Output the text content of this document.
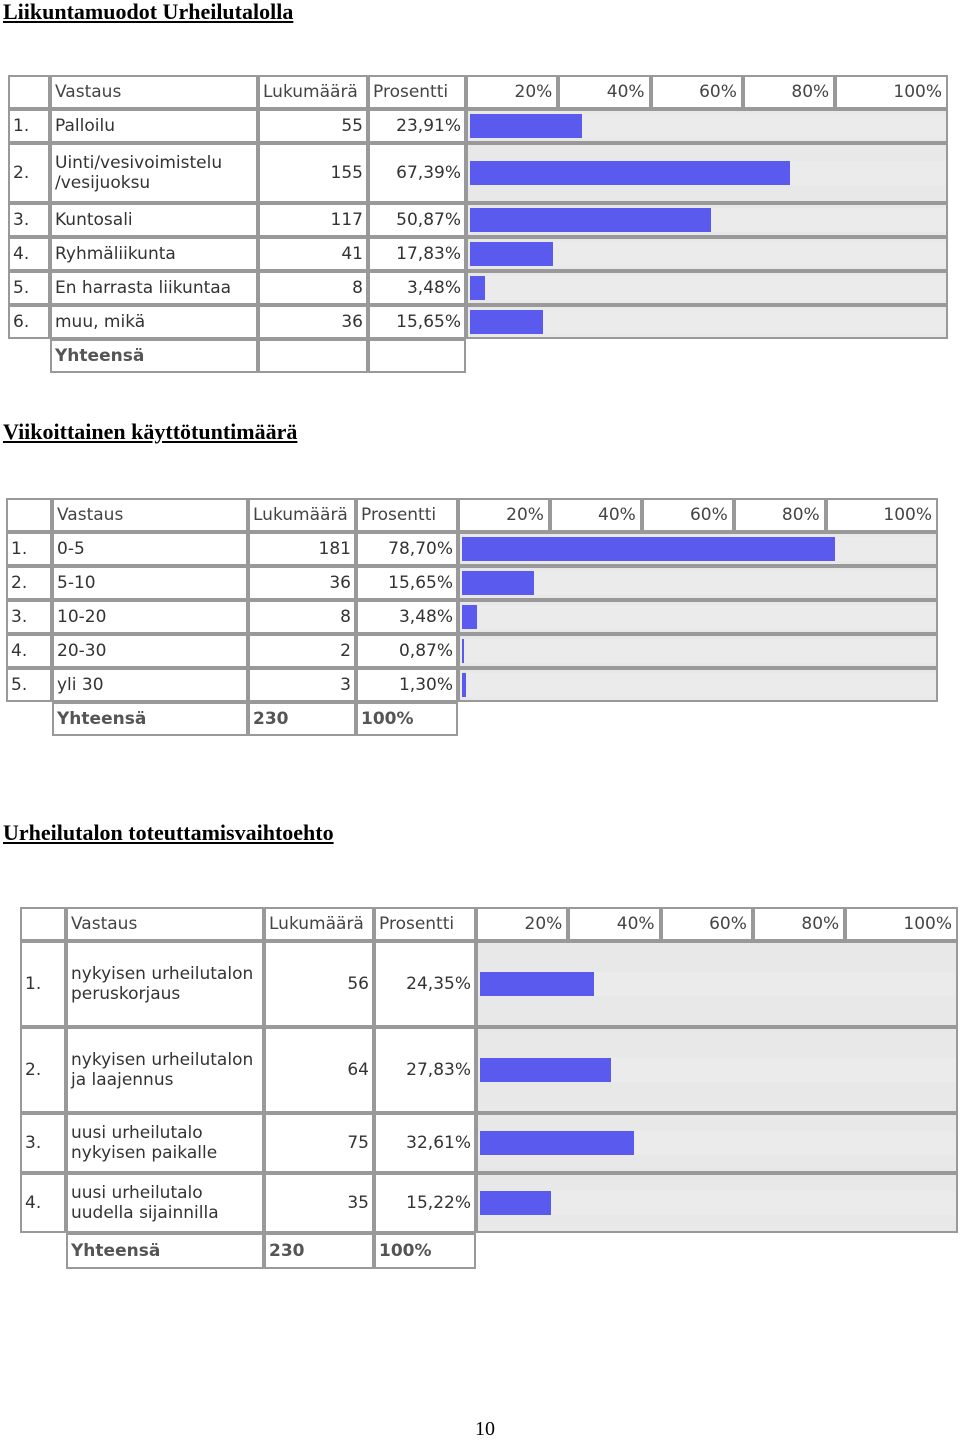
Liikuntamuodot Urheilutalolla
	Vastaus	Lukumäärä	Prosentti	20%	40%	60%	80%	100%
1.	Palloilu	55	23,91%					

2.	Uinti/vesivoimistelu /vesijuoksu	155	67,39%					

3.	Kuntosali	117	50,87%					

4.	Ryhmäliikunta	41	17,83%					

5.	En harrasta liikuntaa	8	3,48%					

6.	muu, mikä	36	15,65%					

	Yhteensä							
Viikoittainen käyttötuntimäärä
	Vastaus	Lukumäärä	Prosentti	20%	40%	60%	80%	100%
1.	0-5	181	78,70%					

2.	5-10	36	15,65%					

3.	10-20	8	3,48%					

4.	20-30	2	0,87%					

5.	yli 30	3	1,30%					

	Yhteensä	230	100%					
Urheilutalon toteuttamisvaihtoehto
	Vastaus	Lukumäärä	Prosentti	20%	40%	60%	80%	100%
1.	nykyisen urheilutalon peruskorjaus	56	24,35%					

2.	nykyisen urheilutalon ja laajennus	64	27,83%					

3.	uusi urheilutalo nykyisen paikalle	75	32,61%					

4.	uusi urheilutalo uudella sijainnilla	35	15,22%					

	Yhteensä	230	100%					
10
